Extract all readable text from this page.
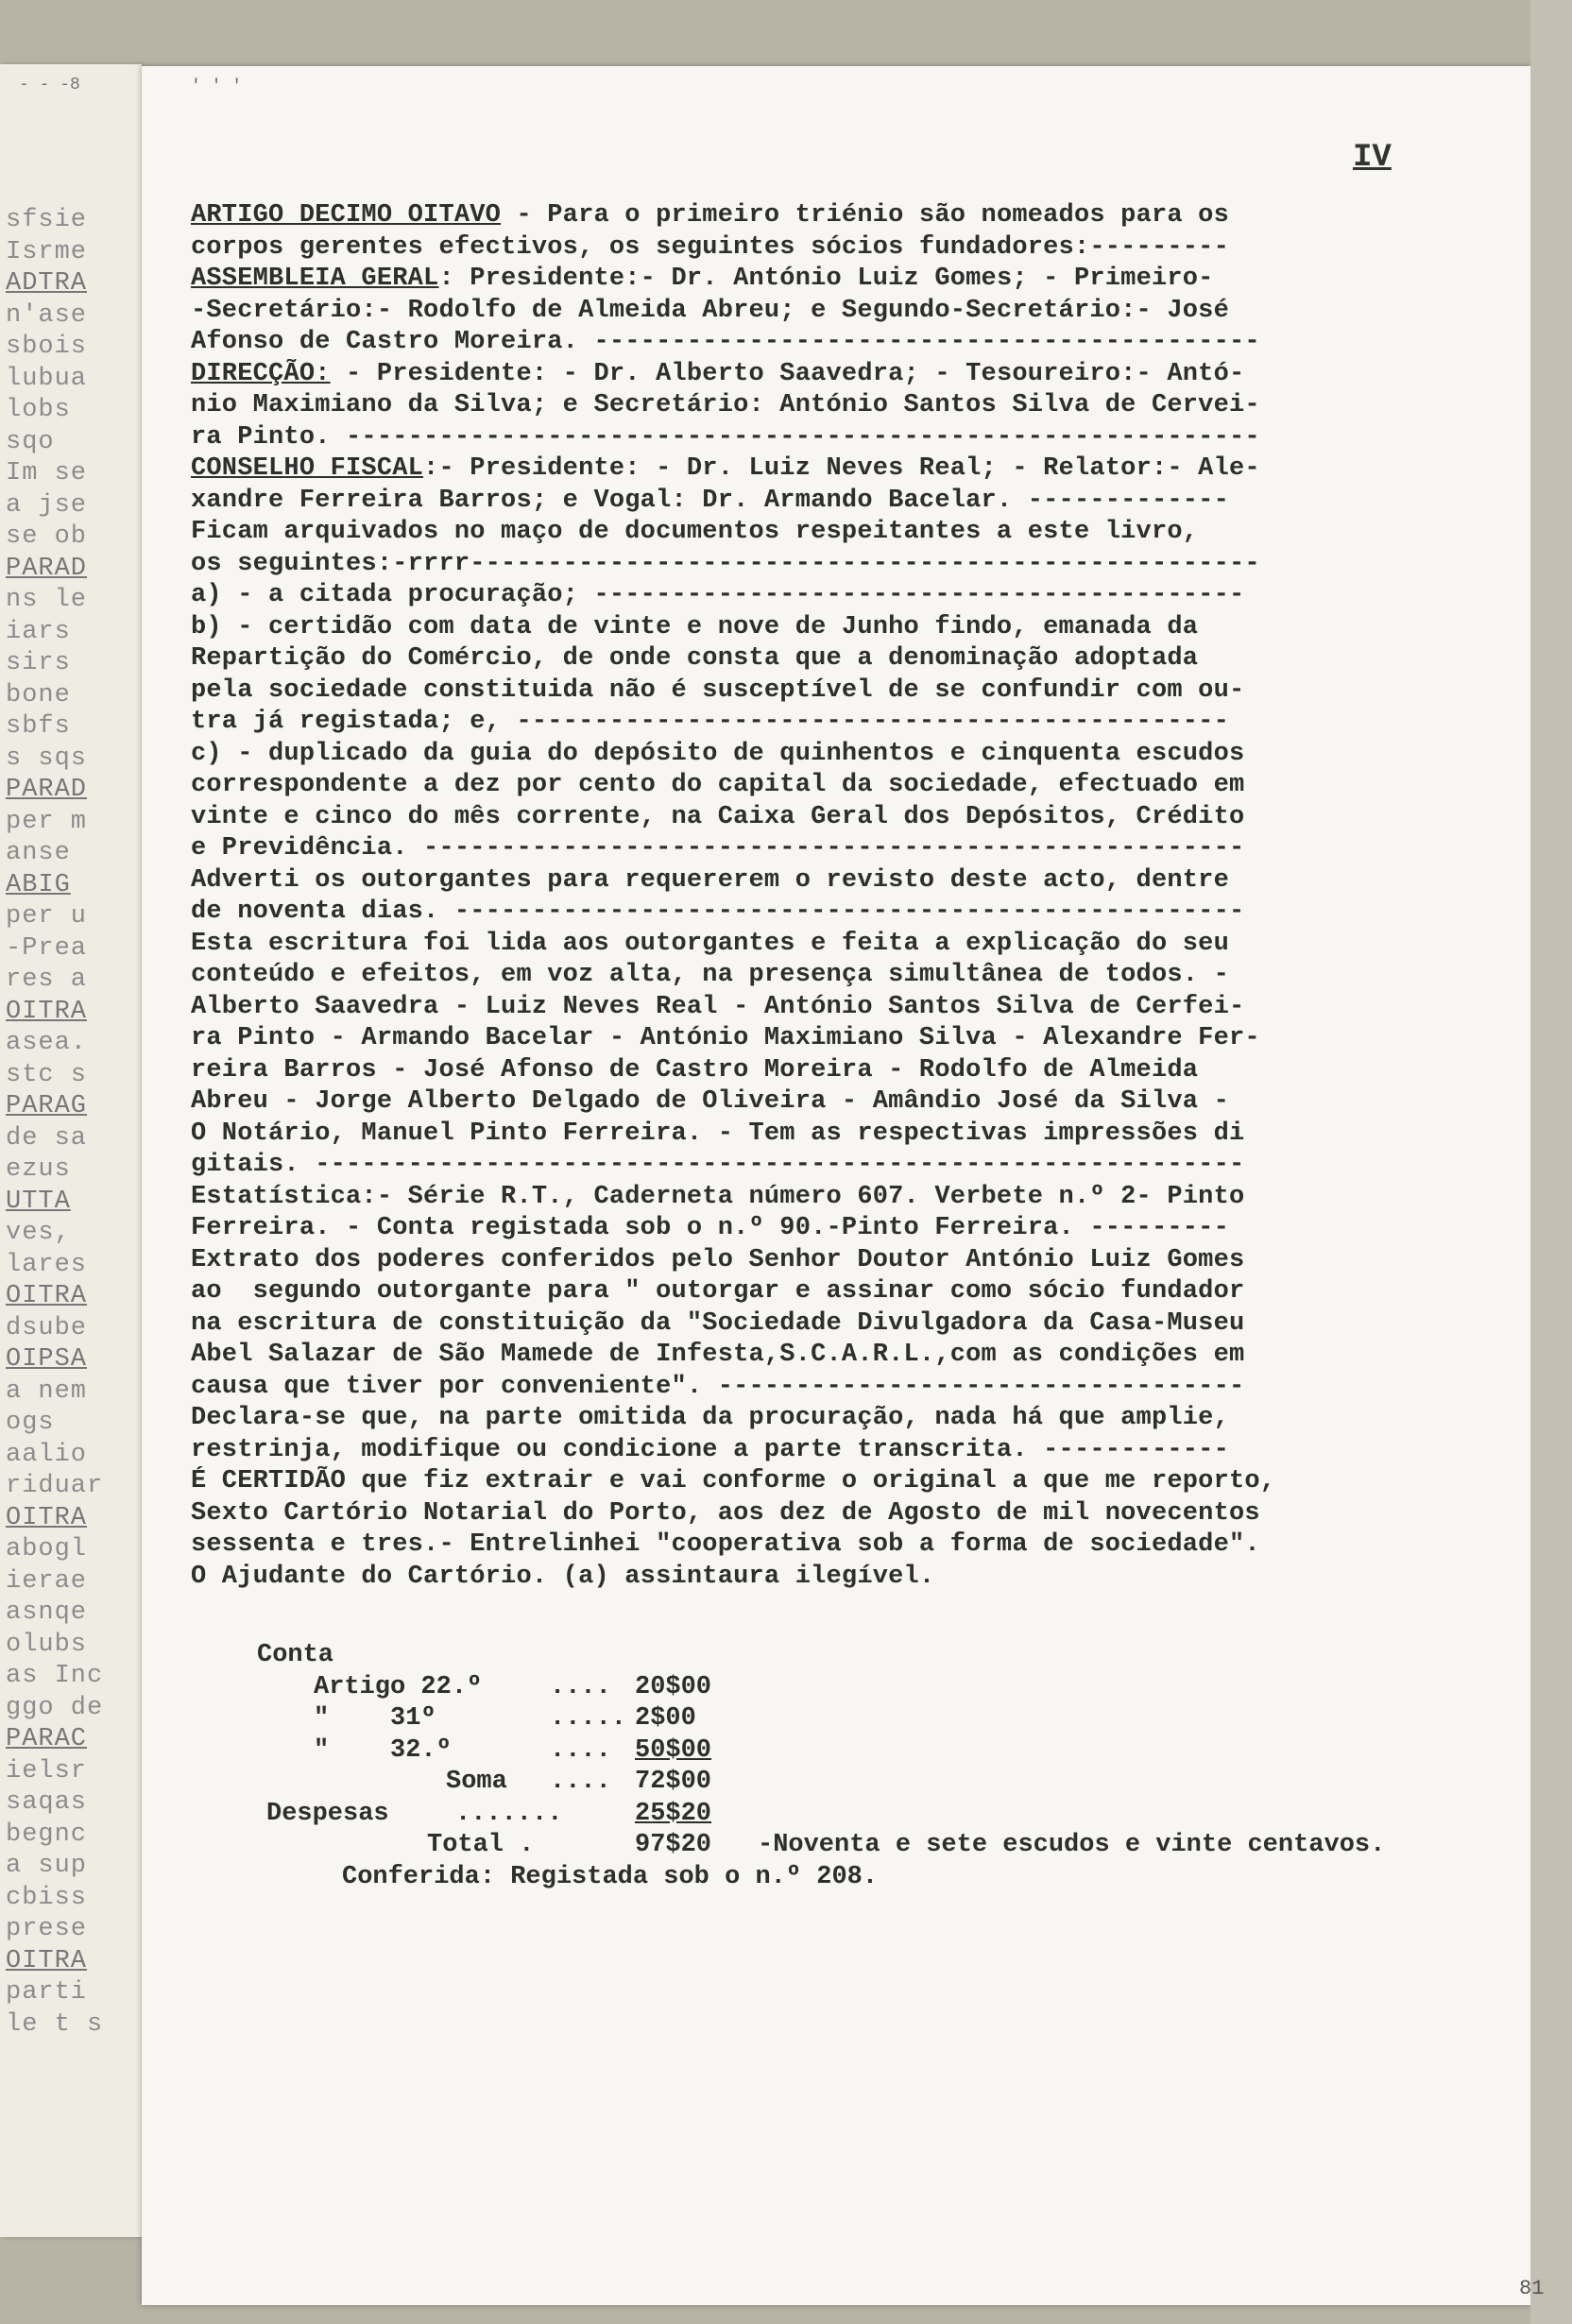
- - -8
sfsie
Isrme
ADTRA
n'ase
sbois
lubua
lobs
sqo
Im se
a jse
se ob
PARAD
ns le
iars
sirs
bone
sbfs
s sqs
PARAD
per m
anse
ABIG
per u
-Prea
res a
OITRA
asea.
stc s
PARAG
de sa
ezus
UTTA
ves,
lares
OITRA
dsube
OIPSA
a nem
ogs
aalio
riduar
OITRA
abogl
ierae
asnqe
olubs
as Inc
ggo de
PARAC
ielsr
saqas
begnc
a sup
cbiss
prese
OITRA
parti
le t s
' ' '
IV
ARTIGO DECIMO OITAVO - Para o primeiro triénio são nomeados para os
corpos gerentes efectivos, os seguintes sócios fundadores:---------
ASSEMBLEIA GERAL: Presidente:- Dr. António Luiz Gomes; - Primeiro-
-Secretário:- Rodolfo de Almeida Abreu; e Segundo-Secretário:- José
Afonso de Castro Moreira. -------------------------------------------
DIRECÇÃO: - Presidente: - Dr. Alberto Saavedra; - Tesoureiro:- Antó-
nio Maximiano da Silva; e Secretário: António Santos Silva de Cervei-
ra Pinto. -----------------------------------------------------------
CONSELHO FISCAL:- Presidente: - Dr. Luiz Neves Real; - Relator:- Ale-
xandre Ferreira Barros; e Vogal: Dr. Armando Bacelar. -------------
Ficam arquivados no maço de documentos respeitantes a este livro,
os seguintes:-rrrr---------------------------------------------------
a) - a citada procuração; ------------------------------------------
b) - certidão com data de vinte e nove de Junho findo, emanada da
Repartição do Comércio, de onde consta que a denominação adoptada
pela sociedade constituida não é susceptível de se confundir com ou-
tra já registada; e, ----------------------------------------------
c) - duplicado da guia do depósito de quinhentos e cinquenta escudos
correspondente a dez por cento do capital da sociedade, efectuado em
vinte e cinco do mês corrente, na Caixa Geral dos Depósitos, Crédito
e Previdência. -----------------------------------------------------
Adverti os outorgantes para requererem o revisto deste acto, dentre
de noventa dias. ---------------------------------------------------
Esta escritura foi lida aos outorgantes e feita a explicação do seu
conteúdo e efeitos, em voz alta, na presença simultânea de todos. -
Alberto Saavedra - Luiz Neves Real - António Santos Silva de Cerfei-
ra Pinto - Armando Bacelar - António Maximiano Silva - Alexandre Fer-
reira Barros - José Afonso de Castro Moreira - Rodolfo de Almeida
Abreu - Jorge Alberto Delgado de Oliveira - Amândio José da Silva -
O Notário, Manuel Pinto Ferreira. - Tem as respectivas impressões di
gitais. ------------------------------------------------------------
Estatística:- Série R.T., Caderneta número 607. Verbete n.º 2- Pinto
Ferreira. - Conta registada sob o n.º 90.-Pinto Ferreira. ---------
Extrato dos poderes conferidos pelo Senhor Doutor António Luiz Gomes
ao  segundo outorgante para " outorgar e assinar como sócio fundador
na escritura de constituição da "Sociedade Divulgadora da Casa-Museu
Abel Salazar de São Mamede de Infesta,S.C.A.R.L.,com as condições em
causa que tiver por conveniente". ----------------------------------
Declara-se que, na parte omitida da procuração, nada há que amplie,
restrinja, modifique ou condicione a parte transcrita. ------------
É CERTIDÃO que fiz extrair e vai conforme o original a que me reporto,
Sexto Cartório Notarial do Porto, aos dez de Agosto de mil novecentos
sessenta e tres.- Entrelinhei "cooperativa sob a forma de sociedade".
O Ajudante do Cartório. (a) assintaura ilegível.
Conta
Artigo 22.º	.... 20$00
"    31º	..... 2$00
"    32.º	.... 50$00
Soma .... 72$00
Despesas	.......	25$20
Total .	97$20 -Noventa e sete escudos e vinte centavos.
Conferida: Registada sob o n.º 208.
81
